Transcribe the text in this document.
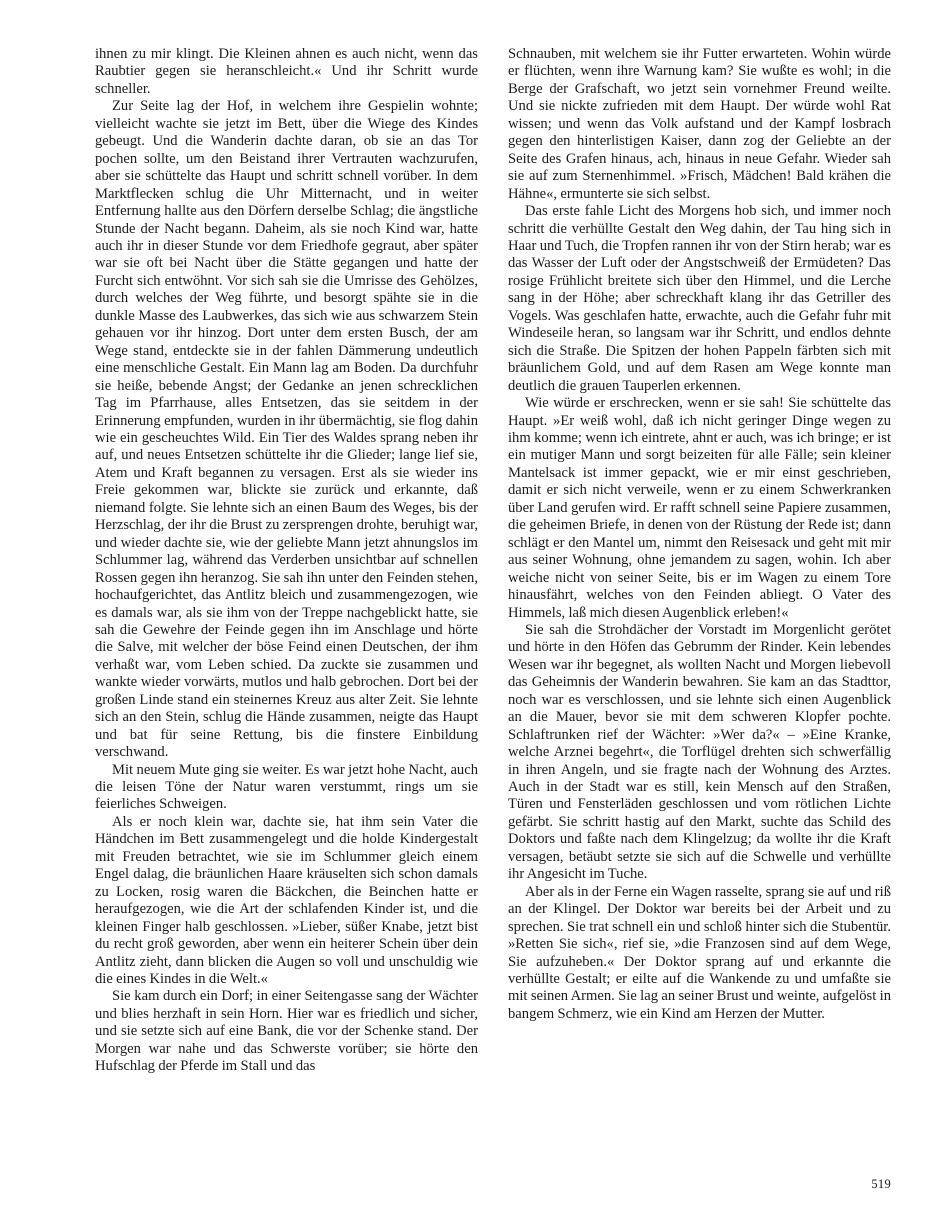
ihnen zu mir klingt. Die Kleinen ahnen es auch nicht, wenn das Raubtier gegen sie heranschleicht.« Und ihr Schritt wurde schneller.

Zur Seite lag der Hof, in welchem ihre Gespielin wohnte; vielleicht wachte sie jetzt im Bett, über die Wiege des Kindes gebeugt. Und die Wanderin dachte daran, ob sie an das Tor pochen sollte, um den Beistand ihrer Vertrauten wachzurufen, aber sie schüttelte das Haupt und schritt schnell vorüber. In dem Marktflecken schlug die Uhr Mitternacht, und in weiter Entfernung hallte aus den Dörfern derselbe Schlag; die ängstliche Stunde der Nacht begann. Daheim, als sie noch Kind war, hatte auch ihr in dieser Stunde vor dem Friedhofe gegraut, aber später war sie oft bei Nacht über die Stätte gegangen und hatte der Furcht sich entwöhnt. Vor sich sah sie die Umrisse des Gehölzes, durch welches der Weg führte, und besorgt spähte sie in die dunkle Masse des Laubwerkes, das sich wie aus schwarzem Stein gehauen vor ihr hinzog. Dort unter dem ersten Busch, der am Wege stand, entdeckte sie in der fahlen Dämmerung undeutlich eine menschliche Gestalt. Ein Mann lag am Boden. Da durchfuhr sie heiße, bebende Angst; der Gedanke an jenen schrecklichen Tag im Pfarrhause, alles Entsetzen, das sie seitdem in der Erinnerung empfunden, wurden in ihr übermächtig, sie flog dahin wie ein gescheuchtes Wild. Ein Tier des Waldes sprang neben ihr auf, und neues Entsetzen schüttelte ihr die Glieder; lange lief sie, Atem und Kraft begannen zu versagen. Erst als sie wieder ins Freie gekommen war, blickte sie zurück und erkannte, daß niemand folgte. Sie lehnte sich an einen Baum des Weges, bis der Herzschlag, der ihr die Brust zu zersprengen drohte, beruhigt war, und wieder dachte sie, wie der geliebte Mann jetzt ahnungslos im Schlummer lag, während das Verderben unsichtbar auf schnellen Rossen gegen ihn heranzog. Sie sah ihn unter den Feinden stehen, hochaufgerichtet, das Antlitz bleich und zusammengezogen, wie es damals war, als sie ihm von der Treppe nachgeblickt hatte, sie sah die Gewehre der Feinde gegen ihn im Anschlage und hörte die Salve, mit welcher der böse Feind einen Deutschen, der ihm verhaßt war, vom Leben schied. Da zuckte sie zusammen und wankte wieder vorwärts, mutlos und halb gebrochen. Dort bei der großen Linde stand ein steinernes Kreuz aus alter Zeit. Sie lehnte sich an den Stein, schlug die Hände zusammen, neigte das Haupt und bat für seine Rettung, bis die finstere Einbildung verschwand.

Mit neuem Mute ging sie weiter. Es war jetzt hohe Nacht, auch die leisen Töne der Natur waren verstummt, rings um sie feierliches Schweigen.

Als er noch klein war, dachte sie, hat ihm sein Vater die Händchen im Bett zusammengelegt und die holde Kindergestalt mit Freuden betrachtet, wie sie im Schlummer gleich einem Engel dalag, die bräunlichen Haare kräuselten sich schon damals zu Locken, rosig waren die Bäckchen, die Beinchen hatte er heraufgezogen, wie die Art der schlafenden Kinder ist, und die kleinen Finger halb geschlossen. »Lieber, süßer Knabe, jetzt bist du recht groß geworden, aber wenn ein heiterer Schein über dein Antlitz zieht, dann blicken die Augen so voll und unschuldig wie die eines Kindes in die Welt.«

Sie kam durch ein Dorf; in einer Seitengasse sang der Wächter und blies herzhaft in sein Horn. Hier war es friedlich und sicher, und sie setzte sich auf eine Bank, die vor der Schenke stand. Der Morgen war nahe und das Schwerste vorüber; sie hörte den Hufschlag der Pferde im Stall und das

Schnauben, mit welchem sie ihr Futter erwarteten. Wohin würde er flüchten, wenn ihre Warnung kam? Sie wußte es wohl; in die Berge der Grafschaft, wo jetzt sein vornehmer Freund weilte. Und sie nickte zufrieden mit dem Haupt. Der würde wohl Rat wissen; und wenn das Volk aufstand und der Kampf losbrach gegen den hinterlistigen Kaiser, dann zog der Geliebte an der Seite des Grafen hinaus, ach, hinaus in neue Gefahr. Wieder sah sie auf zum Sternenhimmel. »Frisch, Mädchen! Bald krähen die Hähne«, ermunterte sie sich selbst.

Das erste fahle Licht des Morgens hob sich, und immer noch schritt die verhüllte Gestalt den Weg dahin, der Tau hing sich in Haar und Tuch, die Tropfen rannen ihr von der Stirn herab; war es das Wasser der Luft oder der Angstschweiß der Ermüdeten? Das rosige Frühlicht breitete sich über den Himmel, und die Lerche sang in der Höhe; aber schreckhaft klang ihr das Getriller des Vogels. Was geschlafen hatte, erwachte, auch die Gefahr fuhr mit Windeseile heran, so langsam war ihr Schritt, und endlos dehnte sich die Straße. Die Spitzen der hohen Pappeln färbten sich mit bräunlichem Gold, und auf dem Rasen am Wege konnte man deutlich die grauen Tauperlen erkennen.

Wie würde er erschrecken, wenn er sie sah! Sie schüttelte das Haupt. »Er weiß wohl, daß ich nicht geringer Dinge wegen zu ihm komme; wenn ich eintrete, ahnt er auch, was ich bringe; er ist ein mutiger Mann und sorgt beizeiten für alle Fälle; sein kleiner Mantelsack ist immer gepackt, wie er mir einst geschrieben, damit er sich nicht verweile, wenn er zu einem Schwerkranken über Land gerufen wird. Er rafft schnell seine Papiere zusammen, die geheimen Briefe, in denen von der Rüstung der Rede ist; dann schlägt er den Mantel um, nimmt den Reisesack und geht mit mir aus seiner Wohnung, ohne jemandem zu sagen, wohin. Ich aber weiche nicht von seiner Seite, bis er im Wagen zu einem Tore hinausfährt, welches von den Feinden abliegt. O Vater des Himmels, laß mich diesen Augenblick erleben!«

Sie sah die Strohdächer der Vorstadt im Morgenlicht gerötet und hörte in den Höfen das Gebrumm der Rinder. Kein lebendes Wesen war ihr begegnet, als wollten Nacht und Morgen liebevoll das Geheimnis der Wanderin bewahren. Sie kam an das Stadttor, noch war es verschlossen, und sie lehnte sich einen Augenblick an die Mauer, bevor sie mit dem schweren Klopfer pochte. Schlaftrunken rief der Wächter: »Wer da?« – »Eine Kranke, welche Arznei begehrt«, die Torflügel drehten sich schwerfällig in ihren Angeln, und sie fragte nach der Wohnung des Arztes. Auch in der Stadt war es still, kein Mensch auf den Straßen, Türen und Fensterläden geschlossen und vom rötlichen Lichte gefärbt. Sie schritt hastig auf den Markt, suchte das Schild des Doktors und faßte nach dem Klingelzug; da wollte ihr die Kraft versagen, betäubt setzte sie sich auf die Schwelle und verhüllte ihr Angesicht im Tuche.

Aber als in der Ferne ein Wagen rasselte, sprang sie auf und riß an der Klingel. Der Doktor war bereits bei der Arbeit und zu sprechen. Sie trat schnell ein und schloß hinter sich die Stubentür. »Retten Sie sich«, rief sie, »die Franzosen sind auf dem Wege, Sie aufzuheben.« Der Doktor sprang auf und erkannte die verhüllte Gestalt; er eilte auf die Wankende zu und umfaßte sie mit seinen Armen. Sie lag an seiner Brust und weinte, aufgelöst in bangem Schmerz, wie ein Kind am Herzen der Mutter.

519
